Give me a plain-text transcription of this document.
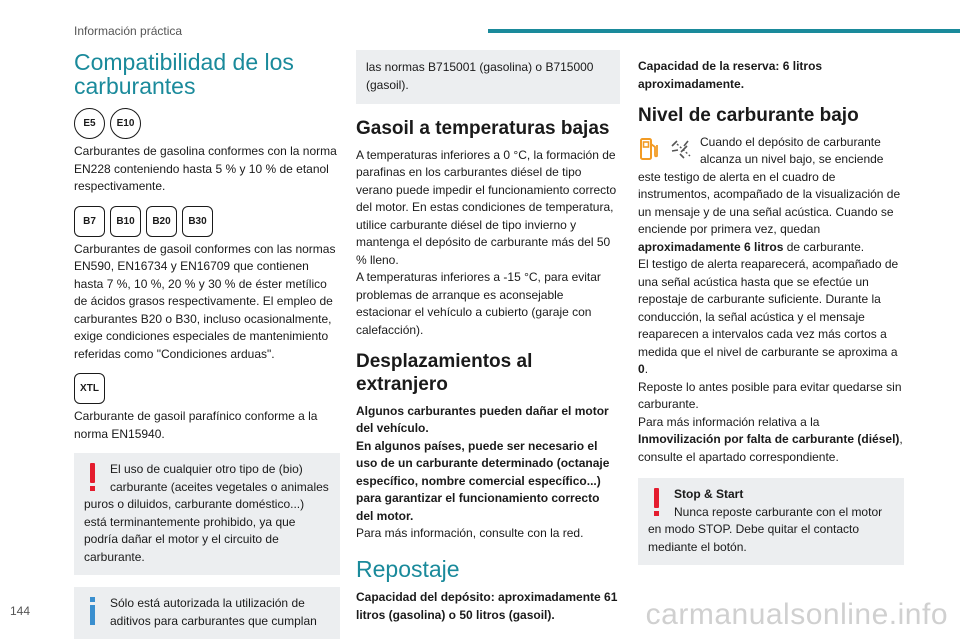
Información práctica
Compatibilidad de los carburantes
E5	E10

Carburantes de gasolina conformes con la norma EN228 conteniendo hasta 5 % y 10 % de etanol respectivamente.

B7	B10	B20	B30

Carburantes de gasoil conformes con las normas EN590, EN16734 y EN16709 que contienen hasta 7 %, 10 %, 20 % y 30 % de éster metílico de ácidos grasos respectivamente. El empleo de carburantes B20 o B30, incluso ocasionalmente, exige condiciones especiales de mantenimiento referidas como "Condiciones arduas".

XTL

Carburante de gasoil parafínico conforme a la norma EN15940.

El uso de cualquier otro tipo de (bio) carburante (aceites vegetales o animales puros o diluidos, carburante doméstico...) está terminantemente prohibido, ya que podría dañar el motor y el circuito de carburante.

Sólo está autorizada la utilización de aditivos para carburantes que cumplan

las normas B715001 (gasolina) o B715000 (gasoil).

Gasoil a temperaturas bajas

A temperaturas inferiores a 0 °C, la formación de parafinas en los carburantes diésel de tipo verano puede impedir el funcionamiento correcto del motor. En estas condiciones de temperatura, utilice carburante diésel de tipo invierno y mantenga el depósito de carburante más del 50 % lleno.

A temperaturas inferiores a -15 °C, para evitar problemas de arranque es aconsejable estacionar el vehículo a cubierto (garaje con calefacción).

Desplazamientos al extranjero

Algunos carburantes pueden dañar el motor del vehículo.

En algunos países, puede ser necesario el uso de un carburante determinado (octanaje específico, nombre comercial específico...) para garantizar el funcionamiento correcto del motor.

Para más información, consulte con la red.

Repostaje

Capacidad del depósito: aproximadamente 61 litros (gasolina) o 50 litros (gasoil).

Capacidad de la reserva: 6 litros aproximadamente.

Nivel de carburante bajo
Cuando el depósito de carburante alcanza un nivel bajo, se enciende este testigo de alerta en el cuadro de instrumentos, acompañado de la visualización de un mensaje y de una señal acústica. Cuando se enciende por primera vez, quedan aproximadamente 6 litros de carburante.

El testigo de alerta reaparecerá, acompañado de una señal acústica hasta que se efectúe un repostaje de carburante suficiente. Durante la conducción, la señal acústica y el mensaje reaparecen a intervalos cada vez más cortos a medida que el nivel de carburante se aproxima a 0.

Reposte lo antes posible para evitar quedarse sin carburante.

Para más información relativa a la Inmovilización por falta de carburante (diésel), consulte el apartado correspondiente.

Stop & Start

Nunca reposte carburante con el motor en modo STOP. Debe quitar el contacto mediante el botón.

144	carmanualsonline.info
